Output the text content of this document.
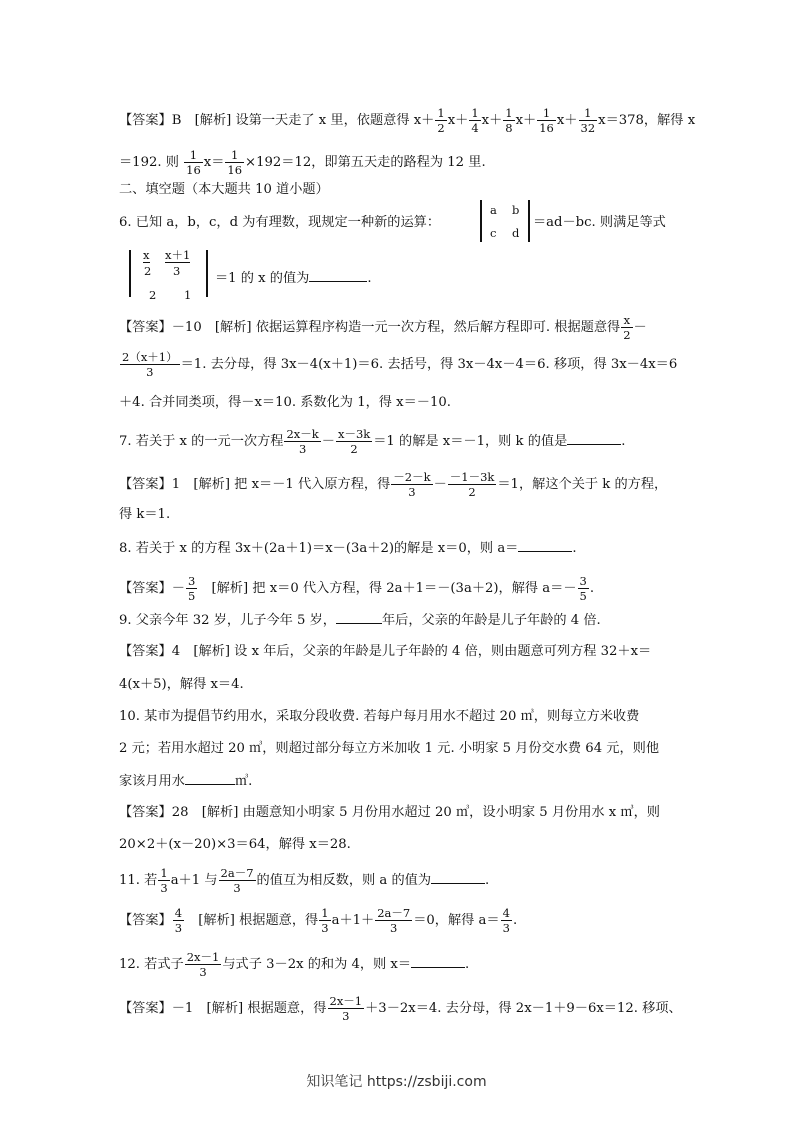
【答案】B　[解析] 设第一天走了 x 里，依题意得 $x+ \frac{1}{2} x+ \frac{1}{4} x+ \frac{1}{8} x+ \frac{1}{16} x+ \frac{1}{32} x=378$，解得 x
＝192. 则 $\frac{1}{16} x= \frac{1}{16} \times 192=12$，即第五天走的路程为 12 里.
二、填空题（本大题共 10 道小题）
6. 已知 a，b，c，d 为有理数，现规定一种新的运算：
a b
c d
＝ad－bc. 则满足等式
x
2
x＋1
3
2 1
＝1 的 x 的值为	.
【答案】－10　[解析] 依据运算程序构造一元一次方程，然后解方程即可. 根据题意得 $\frac{x}{2}$ －
$\frac{2(x+1)}{3} =1$. 去分母，得 3x－4(x＋1)＝6. 去括号，得 3x－4x－4＝6. 移项，得 3x－4x＝6
＋4. 合并同类项，得－x＝10. 系数化为 1，得 x＝－10.
7. 若关于 x 的一元一次方程 $\frac{2x-k}{3} - \frac{x-3k}{2} =1$ 的解是 x＝－1，则 k 的值是	.
【答案】1　[解析] 把 x＝－1 代入原方程，得 $\frac{-2-k}{3} - \frac{-1-3k}{2} =1$，解这个关于 k 的方程，
得 k＝1.
8. 若关于 x 的方程 3x＋(2a＋1)＝x－(3a＋2)的解是 x＝0，则 a＝	.
【答案】－ $\frac{3}{5}$ 　[解析] 把 x＝0 代入方程，得 2a＋1＝－(3a＋2)，解得 $a=- \frac{3}{5}$ .
9. 父亲今年 32 岁，儿子今年 5 岁，	年后，父亲的年龄是儿子年龄的 4 倍.
【答案】4　[解析] 设 x 年后，父亲的年龄是儿子年龄的 4 倍，则由题意可列方程 32＋x＝
4(x＋5)，解得 x＝4.
10. 某市为提倡节约用水，采取分段收费. 若每户每月用水不超过 20 ㎥，则每立方米收费
2 元；若用水超过 20 ㎥，则超过部分每立方米加收 1 元. 小明家 5 月份交水费 64 元，则他
家该月用水	㎥.
【答案】28　[解析] 由题意知小明家 5 月份用水超过 20 ㎥，设小明家 5 月份用水 x ㎥，则
20×2＋(x－20)×3＝64，解得 x＝28.
11. 若 $\frac{1}{3} a+1$ 与 $\frac{2a-7}{3}$ 的值互为相反数，则 a 的值为	.
【答案】 $\frac{4}{3}$ 　[解析] 根据题意，得 $\frac{1}{3} a+1+ \frac{2a-7}{3} =0$，解得 $a= \frac{4}{3}$ .
12. 若式子 $\frac{2x-1}{3}$ 与式子 3－2x 的和为 4，则 x＝	.
【答案】－1　[解析] 根据题意，得 $\frac{2x-1}{3} +3-2x=4$. 去分母，得 2x－1＋9－6x＝12. 移项、
知识笔记 https://zsbiji.com
